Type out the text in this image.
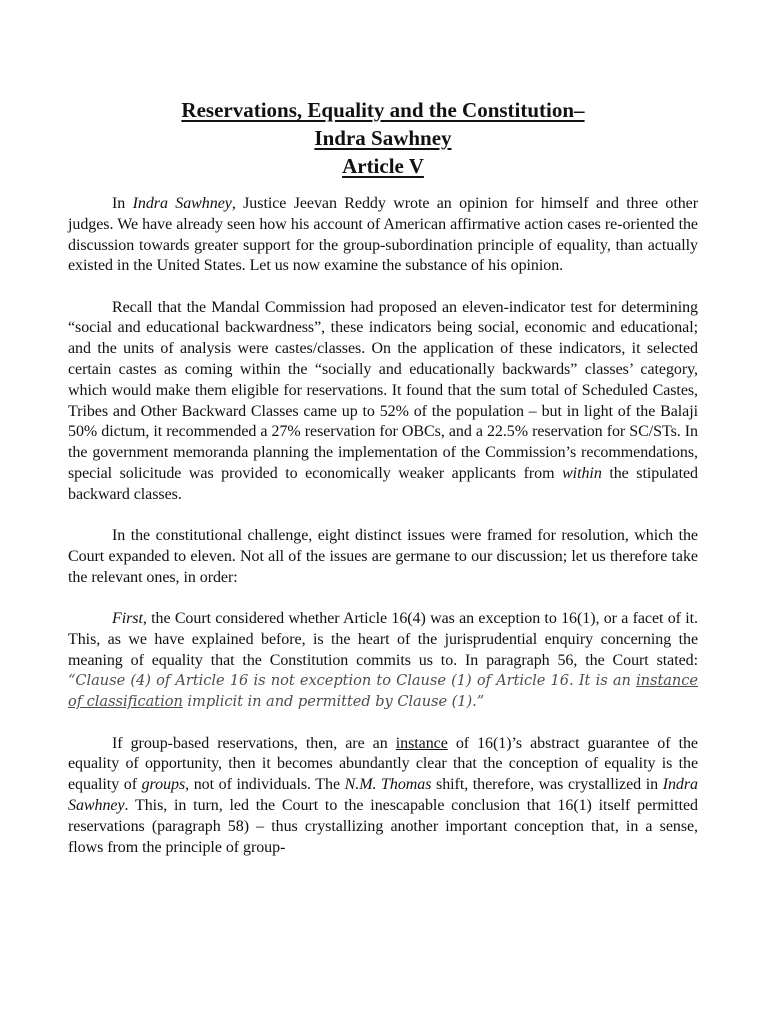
Reservations, Equality and the Constitution–
Indra Sawhney
Article V

In Indra Sawhney, Justice Jeevan Reddy wrote an opinion for himself and three other judges. We have already seen how his account of American affirmative action cases re-oriented the discussion towards greater support for the group-subordination principle of equality, than actually existed in the United States. Let us now examine the substance of his opinion.

Recall that the Mandal Commission had proposed an eleven-indicator test for determining “social and educational backwardness”, these indicators being social, economic and educational; and the units of analysis were castes/classes. On the application of these indicators, it selected certain castes as coming within the “socially and educationally backwards” classes’ category, which would make them eligible for reservations. It found that the sum total of Scheduled Castes, Tribes and Other Backward Classes came up to 52% of the population – but in light of the Balaji 50% dictum, it recommended a 27% reservation for OBCs, and a 22.5% reservation for SC/STs. In the government memoranda planning the implementation of the Commission’s recommendations, special solicitude was provided to economically weaker applicants from within the stipulated backward classes.

In the constitutional challenge, eight distinct issues were framed for resolution, which the Court expanded to eleven. Not all of the issues are germane to our discussion; let us therefore take the relevant ones, in order:

First, the Court considered whether Article 16(4) was an exception to 16(1), or a facet of it. This, as we have explained before, is the heart of the jurisprudential enquiry concerning the meaning of equality that the Constitution commits us to. In paragraph 56, the Court stated: “Clause (4) of Article 16 is not exception to Clause (1) of Article 16. It is an instance of classification implicit in and permitted by Clause (1).”

If group-based reservations, then, are an instance of 16(1)’s abstract guarantee of the equality of opportunity, then it becomes abundantly clear that the conception of equality is the equality of groups, not of individuals. The N.M. Thomas shift, therefore, was crystallized in Indra Sawhney. This, in turn, led the Court to the inescapable conclusion that 16(1) itself permitted reservations (paragraph 58) – thus crystallizing another important conception that, in a sense, flows from the principle of group-
